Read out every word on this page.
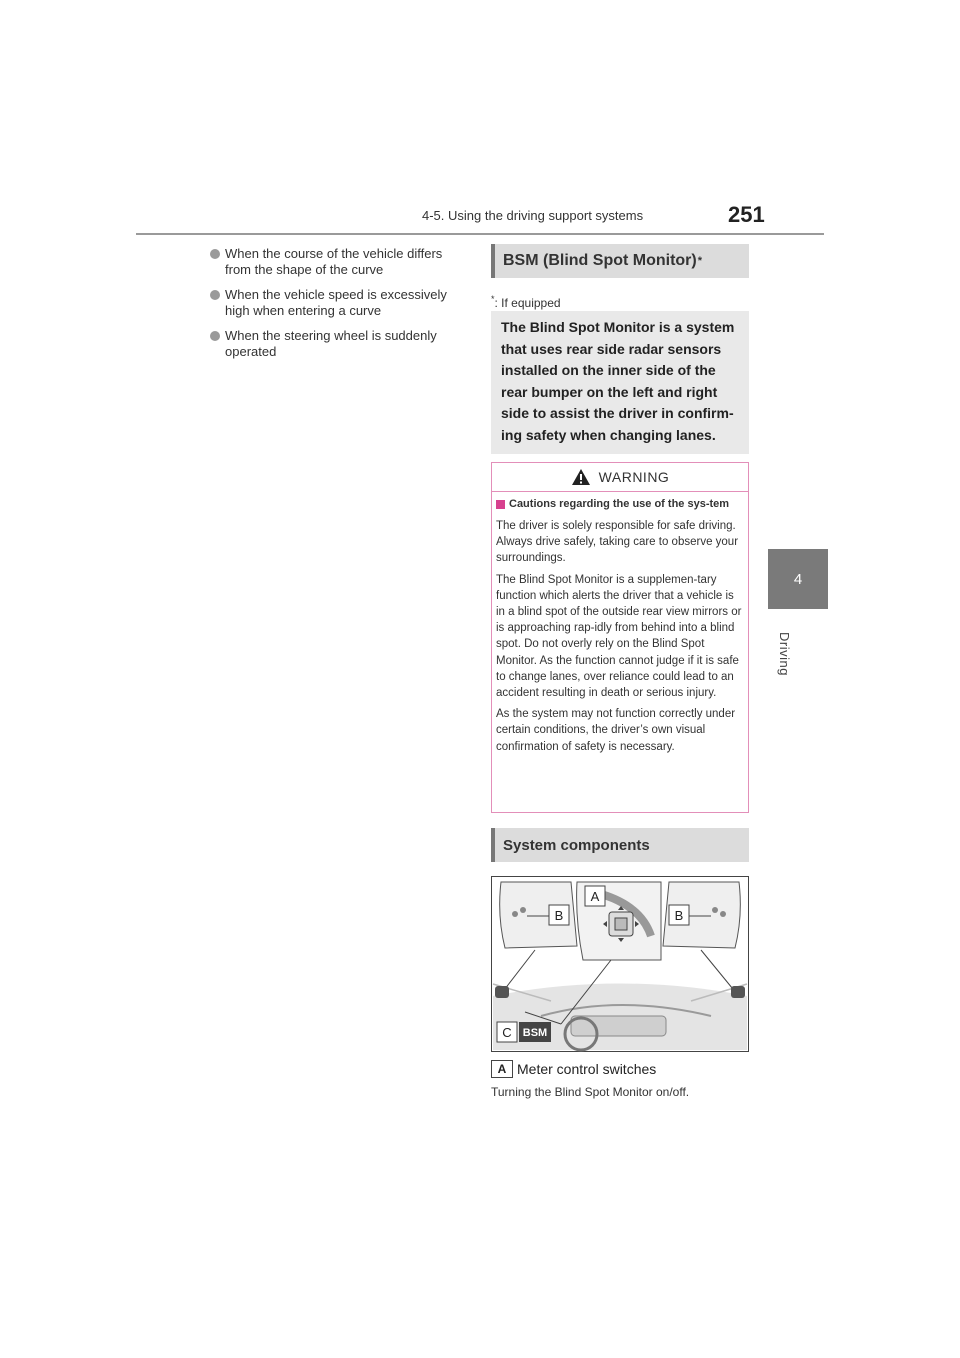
4-5. Using the driving support systems	251
4
Driving
When the course of the vehicle differs from the shape of the curve
When the vehicle speed is excessively high when entering a curve
When the steering wheel is suddenly operated
BSM (Blind Spot Monitor) *
*: If equipped

The Blind Spot Monitor is a system that uses rear side radar sensors installed on the inner side of the rear bumper on the left and right side to assist the driver in confirm-ing safety when changing lanes.

WARNING
Cautions regarding the use of the sys-tem

The driver is solely responsible for safe driving. Always drive safely, taking care to observe your surroundings.

The Blind Spot Monitor is a supplemen-tary function which alerts the driver that a vehicle is in a blind spot of the outside rear view mirrors or is approaching rap-idly from behind into a blind spot. Do not overly rely on the Blind Spot Monitor. As the function cannot judge if it is safe to change lanes, over reliance could lead to an accident resulting in death or serious injury.

As the system may not function correctly under certain conditions, the driver’s own visual confirmation of safety is necessary.

System components
B
A
B
C BSM
A Meter control switches
Turning the Blind Spot Monitor on/off.
